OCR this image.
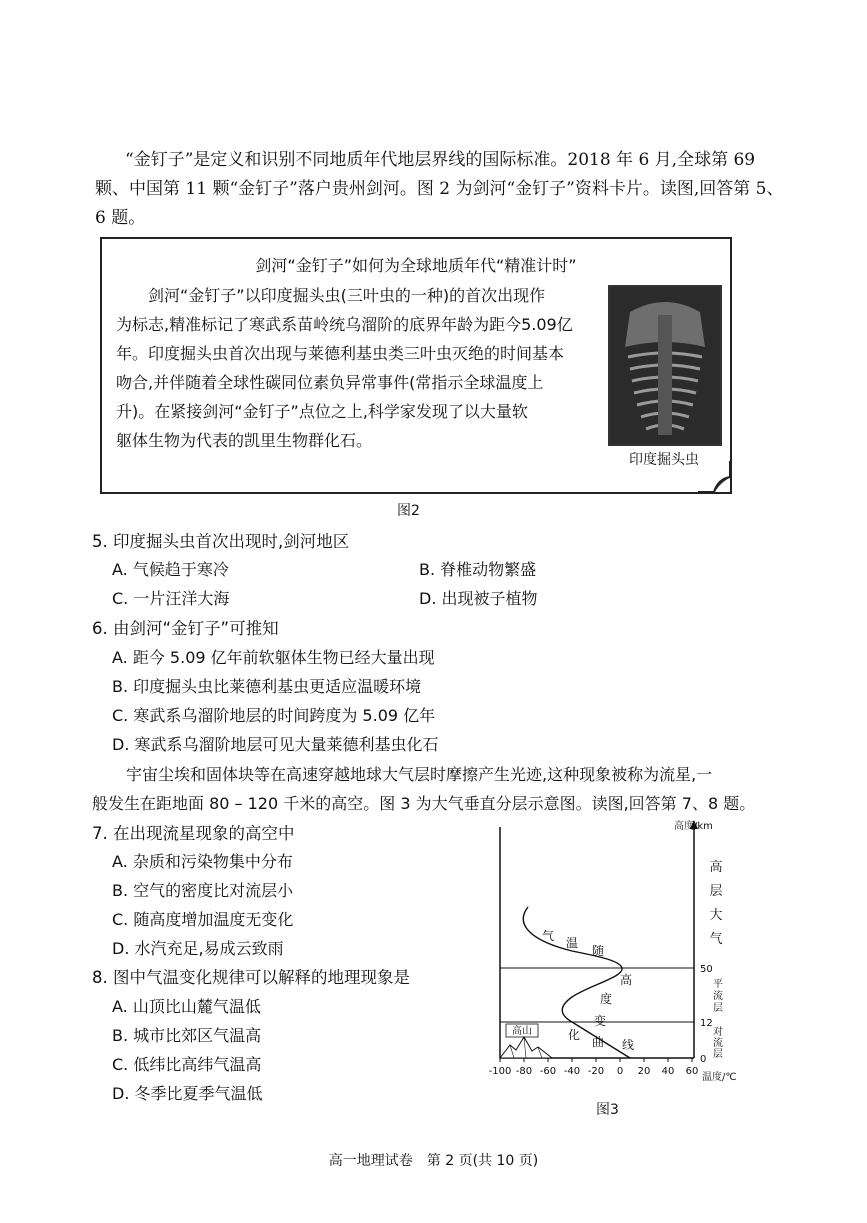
“金钉子”是定义和识别不同地质年代地层界线的国际标准。2018 年 6 月,全球第 69
颗、中国第 11 颗“金钉子”落户贵州剑河。图 2 为剑河“金钉子”资料卡片。读图,回答第 5、
6 题。
剑河“金钉子”如何为全球地质年代“精准计时”
剑河“金钉子”以印度掘头虫(三叶虫的一种)的首次出现作
为标志,精准标记了寒武系苗岭统乌溜阶的底界年龄为距今5.09亿
年。印度掘头虫首次出现与莱德利基虫类三叶虫灭绝的时间基本
吻合,并伴随着全球性碳同位素负异常事件(常指示全球温度上
升)。在紧接剑河“金钉子”点位之上,科学家发现了以大量软
躯体生物为代表的凯里生物群化石。
印度掘头虫
图2
5. 印度掘头虫首次出现时,剑河地区
A. 气候趋于寒冷	B. 脊椎动物繁盛
C. 一片汪洋大海	D. 出现被子植物
6. 由剑河“金钉子”可推知
A. 距今 5.09 亿年前软躯体生物已经大量出现
B. 印度掘头虫比莱德利基虫更适应温暖环境
C. 寒武系乌溜阶地层的时间跨度为 5.09 亿年
D. 寒武系乌溜阶地层可见大量莱德利基虫化石
宇宙尘埃和固体块等在高速穿越地球大气层时摩擦产生光迹,这种现象被称为流星,一
般发生在距地面 80 – 120 千米的高空。图 3 为大气垂直分层示意图。读图,回答第 7、8 题。
7. 在出现流星现象的高空中
A. 杂质和污染物集中分布
B. 空气的密度比对流层小
C. 随高度增加温度无变化
D. 水汽充足,易成云致雨
8. 图中气温变化规律可以解释的地理现象是
A. 山顶比山麓气温低
B. 城市比郊区气温高
C. 低纬比高纬气温高
D. 冬季比夏季气温低
-100 -80 -60 -40 -20 0 20 40 60
温度/℃
高度/km
50
12
0
高
层
大
气
平
流
层
对
流
层
气 温
随
高
度
变
化 曲 线
高山
图3
高一地理试卷　第 2 页(共 10 页)
